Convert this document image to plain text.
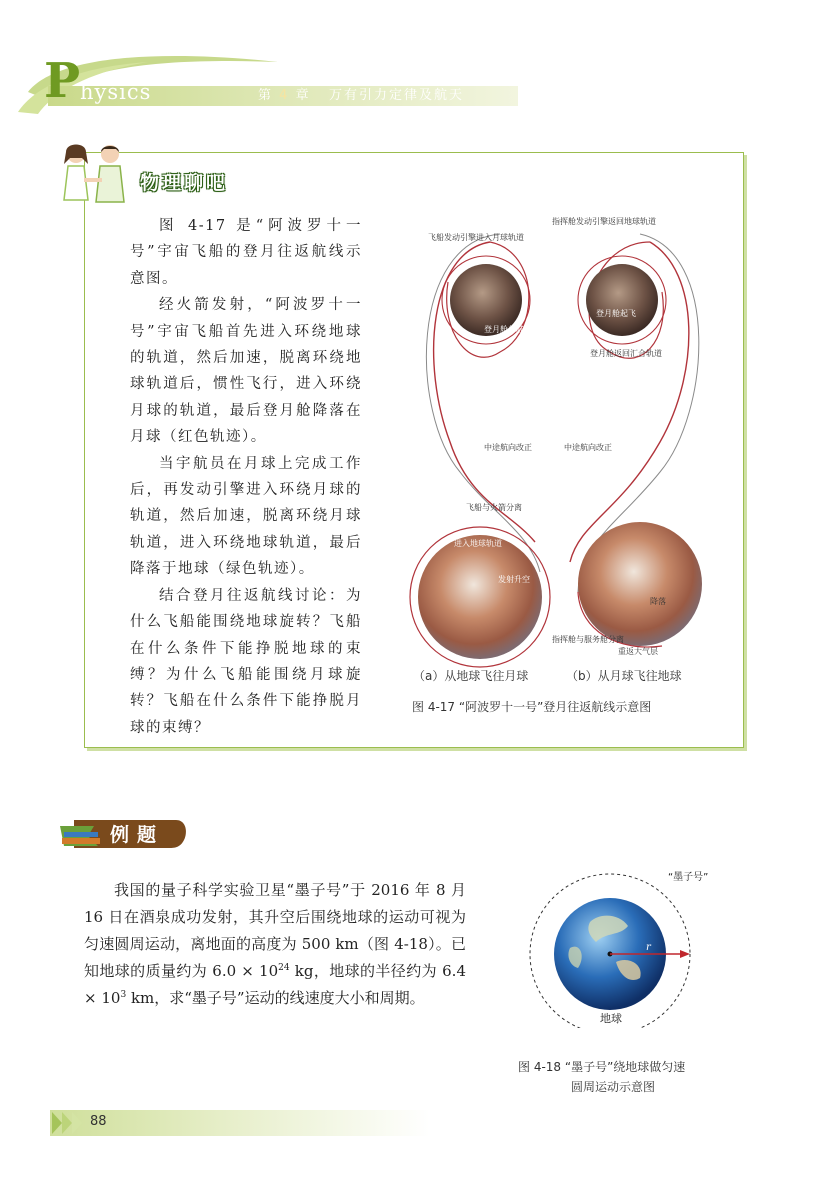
P hysics	第 4 章 万有引力定律及航天
物理聊吧

图 4-17 是“阿波罗十一号”宇宙飞船的登月往返航线示意图。

经火箭发射，“阿波罗十一号”宇宙飞船首先进入环绕地球的轨道，然后加速，脱离环绕地球轨道后，惯性飞行，进入环绕月球的轨道，最后登月舱降落在月球（红色轨迹）。

当宇航员在月球上完成工作后，再发动引擎进入环绕月球的轨道，然后加速，脱离环绕月球轨道，进入环绕地球轨道，最后降落于地球（绿色轨迹）。

结合登月往返航线讨论：为什么飞船能围绕地球旋转？飞船在什么条件下能挣脱地球的束缚？为什么飞船能围绕月球旋转？飞船在什么条件下能挣脱月球的束缚？

飞船发动引擎进入月球轨道
登月舱着陆
中途航向改正
飞船与火箭分离
进入地球轨道
发射升空
指挥舱发动引擎返回地球轨道
登月舱起飞
登月舱返回汇合轨道
中途航向改正
降落
指挥舱与服务舱分离
重返大气层
（a）从地球飞往月球	（b）从月球飞往地球
图 4-17 “阿波罗十一号”登月往返航线示意图
例题

我国的量子科学实验卫星“墨子号”于 2016 年 8 月 16 日在酒泉成功发射，其升空后围绕地球的运动可视为匀速圆周运动，离地面的高度为 500 km（图 4-18）。已知地球的质量约为 $6.0 \times 10^{24}$ kg，地球的半径约为 $6.4 \times 10^3$ km，求“墨子号”运动的线速度大小和周期。

“墨子号”
r
地球
图 4-18 “墨子号”绕地球做匀速
圆周运动示意图
88
